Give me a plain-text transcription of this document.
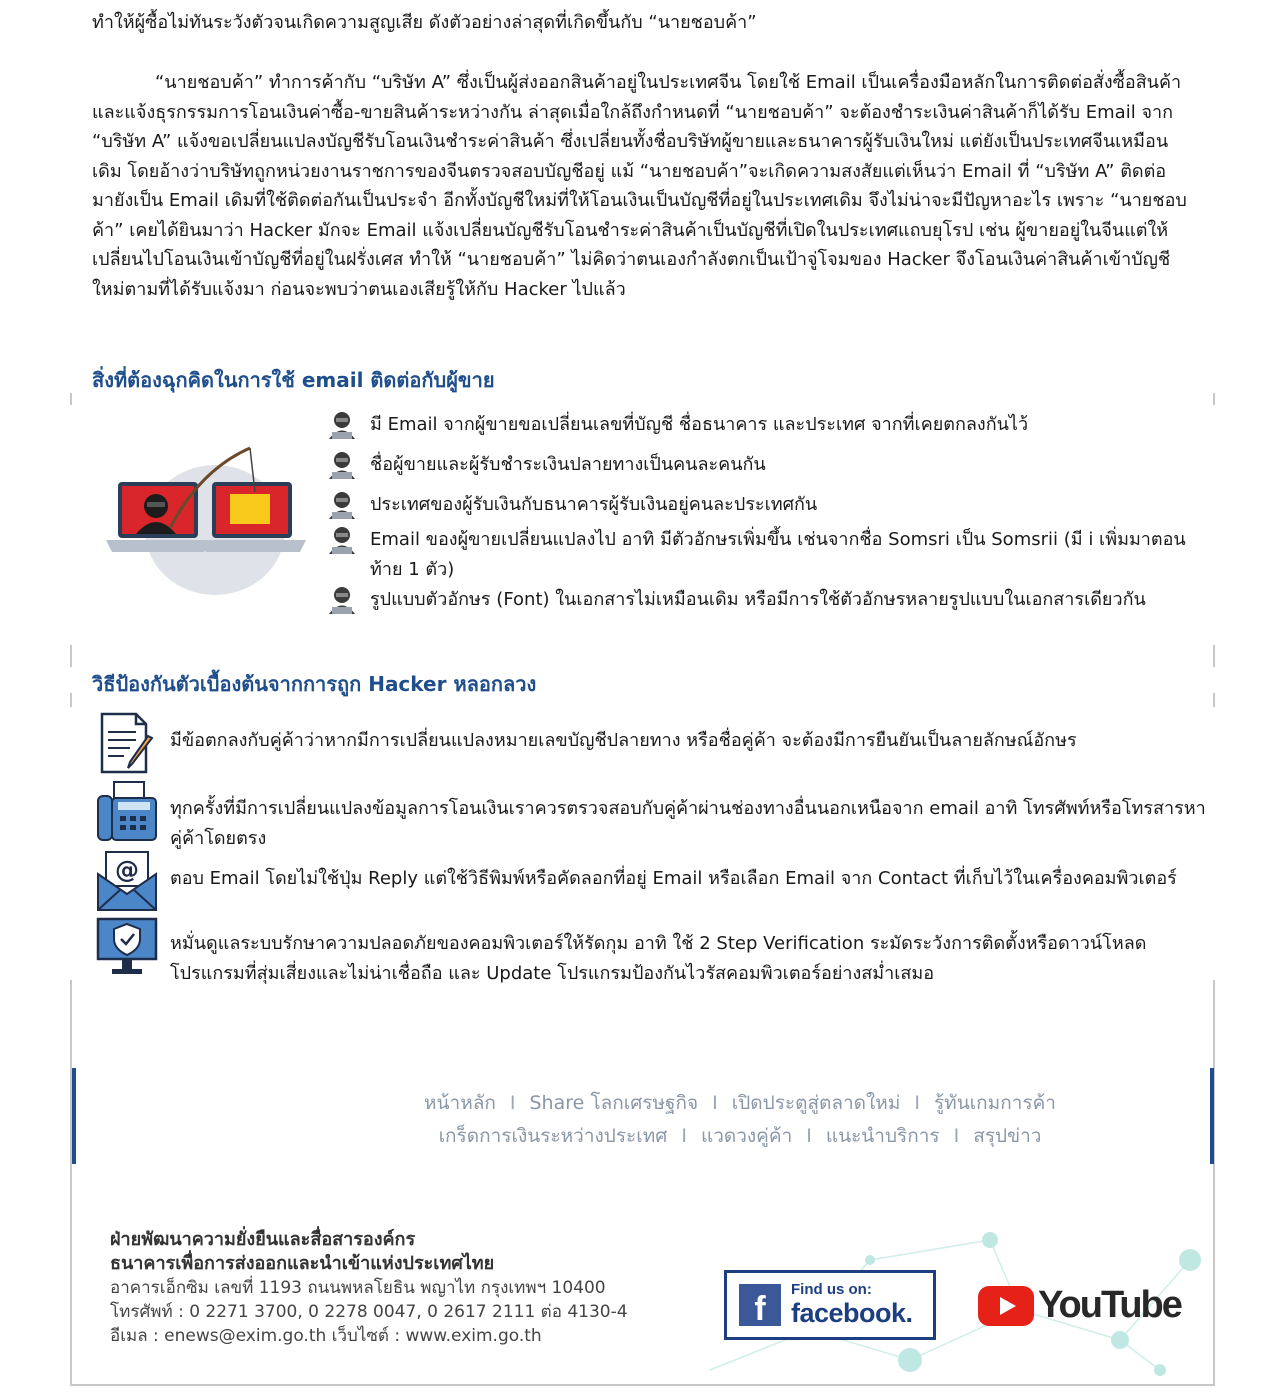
ทำให้ผู้ซื้อไม่ทันระวังตัวจนเกิดความสูญเสีย ดังตัวอย่างล่าสุดที่เกิดขึ้นกับ “นายชอบค้า”

“นายชอบค้า” ทำการค้ากับ “บริษัท A” ซึ่งเป็นผู้ส่งออกสินค้าอยู่ในประเทศจีน โดยใช้ Email เป็นเครื่องมือหลักในการติดต่อสั่งซื้อสินค้าและแจ้งธุรกรรมการโอนเงินค่าซื้อ-ขายสินค้าระหว่างกัน ล่าสุดเมื่อใกล้ถึงกำหนดที่ “นายชอบค้า” จะต้องชำระเงินค่าสินค้าก็ได้รับ Email จาก “บริษัท A” แจ้งขอเปลี่ยนแปลงบัญชีรับโอนเงินชำระค่าสินค้า ซึ่งเปลี่ยนทั้งชื่อบริษัทผู้ขายและธนาคารผู้รับเงินใหม่ แต่ยังเป็นประเทศจีนเหมือนเดิม โดยอ้างว่าบริษัทถูกหน่วยงานราชการของจีนตรวจสอบบัญชีอยู่ แม้ “นายชอบค้า”จะเกิดความสงสัยแต่เห็นว่า Email ที่ “บริษัท A” ติดต่อมายังเป็น Email เดิมที่ใช้ติดต่อกันเป็นประจำ อีกทั้งบัญชีใหม่ที่ให้โอนเงินเป็นบัญชีที่อยู่ในประเทศเดิม จึงไม่น่าจะมีปัญหาอะไร เพราะ “นายชอบค้า” เคยได้ยินมาว่า Hacker มักจะ Email แจ้งเปลี่ยนบัญชีรับโอนชำระค่าสินค้าเป็นบัญชีที่เปิดในประเทศแถบยุโรป เช่น ผู้ขายอยู่ในจีนแต่ให้เปลี่ยนไปโอนเงินเข้าบัญชีที่อยู่ในฝรั่งเศส ทำให้ “นายชอบค้า” ไม่คิดว่าตนเองกำลังตกเป็นเป้าจู่โจมของ Hacker จึงโอนเงินค่าสินค้าเข้าบัญชีใหม่ตามที่ได้รับแจ้งมา ก่อนจะพบว่าตนเองเสียรู้ให้กับ Hacker ไปแล้ว

สิ่งที่ต้องฉุกคิดในการใช้ email ติดต่อกับผู้ขาย
มี Email จากผู้ขายขอเปลี่ยนเลขที่บัญชี ชื่อธนาคาร และประเทศ จากที่เคยตกลงกันไว้
ชื่อผู้ขายและผู้รับชำระเงินปลายทางเป็นคนละคนกัน
ประเทศของผู้รับเงินกับธนาคารผู้รับเงินอยู่คนละประเทศกัน
Email ของผู้ขายเปลี่ยนแปลงไป อาทิ มีตัวอักษรเพิ่มขึ้น เช่นจากชื่อ Somsri เป็น Somsrii (มี i เพิ่มมาตอนท้าย 1 ตัว)
รูปแบบตัวอักษร (Font) ในเอกสารไม่เหมือนเดิม หรือมีการใช้ตัวอักษรหลายรูปแบบในเอกสารเดียวกัน
วิธีป้องกันตัวเบื้องต้นจากการถูก Hacker หลอกลวง
มีข้อตกลงกับคู่ค้าว่าหากมีการเปลี่ยนแปลงหมายเลขบัญชีปลายทาง หรือชื่อคู่ค้า จะต้องมีการยืนยันเป็นลายลักษณ์อักษร
ทุกครั้งที่มีการเปลี่ยนแปลงข้อมูลการโอนเงินเราควรตรวจสอบกับคู่ค้าผ่านช่องทางอื่นนอกเหนือจาก email อาทิ โทรศัพท์หรือโทรสารหาคู่ค้าโดยตรง
@ ตอบ Email โดยไม่ใช้ปุ่ม Reply แต่ใช้วิธีพิมพ์หรือคัดลอกที่อยู่ Email หรือเลือก Email จาก Contact ที่เก็บไว้ในเครื่องคอมพิวเตอร์
หมั่นดูแลระบบรักษาความปลอดภัยของคอมพิวเตอร์ให้รัดกุม อาทิ ใช้ 2 Step Verification ระมัดระวังการติดตั้งหรือดาวน์โหลดโปรแกรมที่สุ่มเสี่ยงและไม่น่าเชื่อถือ และ Update โปรแกรมป้องกันไวรัสคอมพิวเตอร์อย่างสม่ำเสมอ
หน้าหลัก I Share โลกเศรษฐกิจ I เปิดประตูสู่ตลาดใหม่ I รู้ทันเกมการค้า
เกร็ดการเงินระหว่างประเทศ I แวดวงคู่ค้า I แนะนำบริการ I สรุปข่าว
ฝ่ายพัฒนาความยั่งยืนและสื่อสารองค์กร
ธนาคารเพื่อการส่งออกและนำเข้าแห่งประเทศไทย
อาคารเอ็กซิม เลขที่ 1193 ถนนพหลโยธิน พญาไท กรุงเทพฯ 10400
โทรศัพท์ : 0 2271 3700, 0 2278 0047, 0 2617 2111 ต่อ 4130-4
อีเมล : enews@exim.go.th เว็บไซต์ : www.exim.go.th
f
Find us on:
facebook.	YouTube
